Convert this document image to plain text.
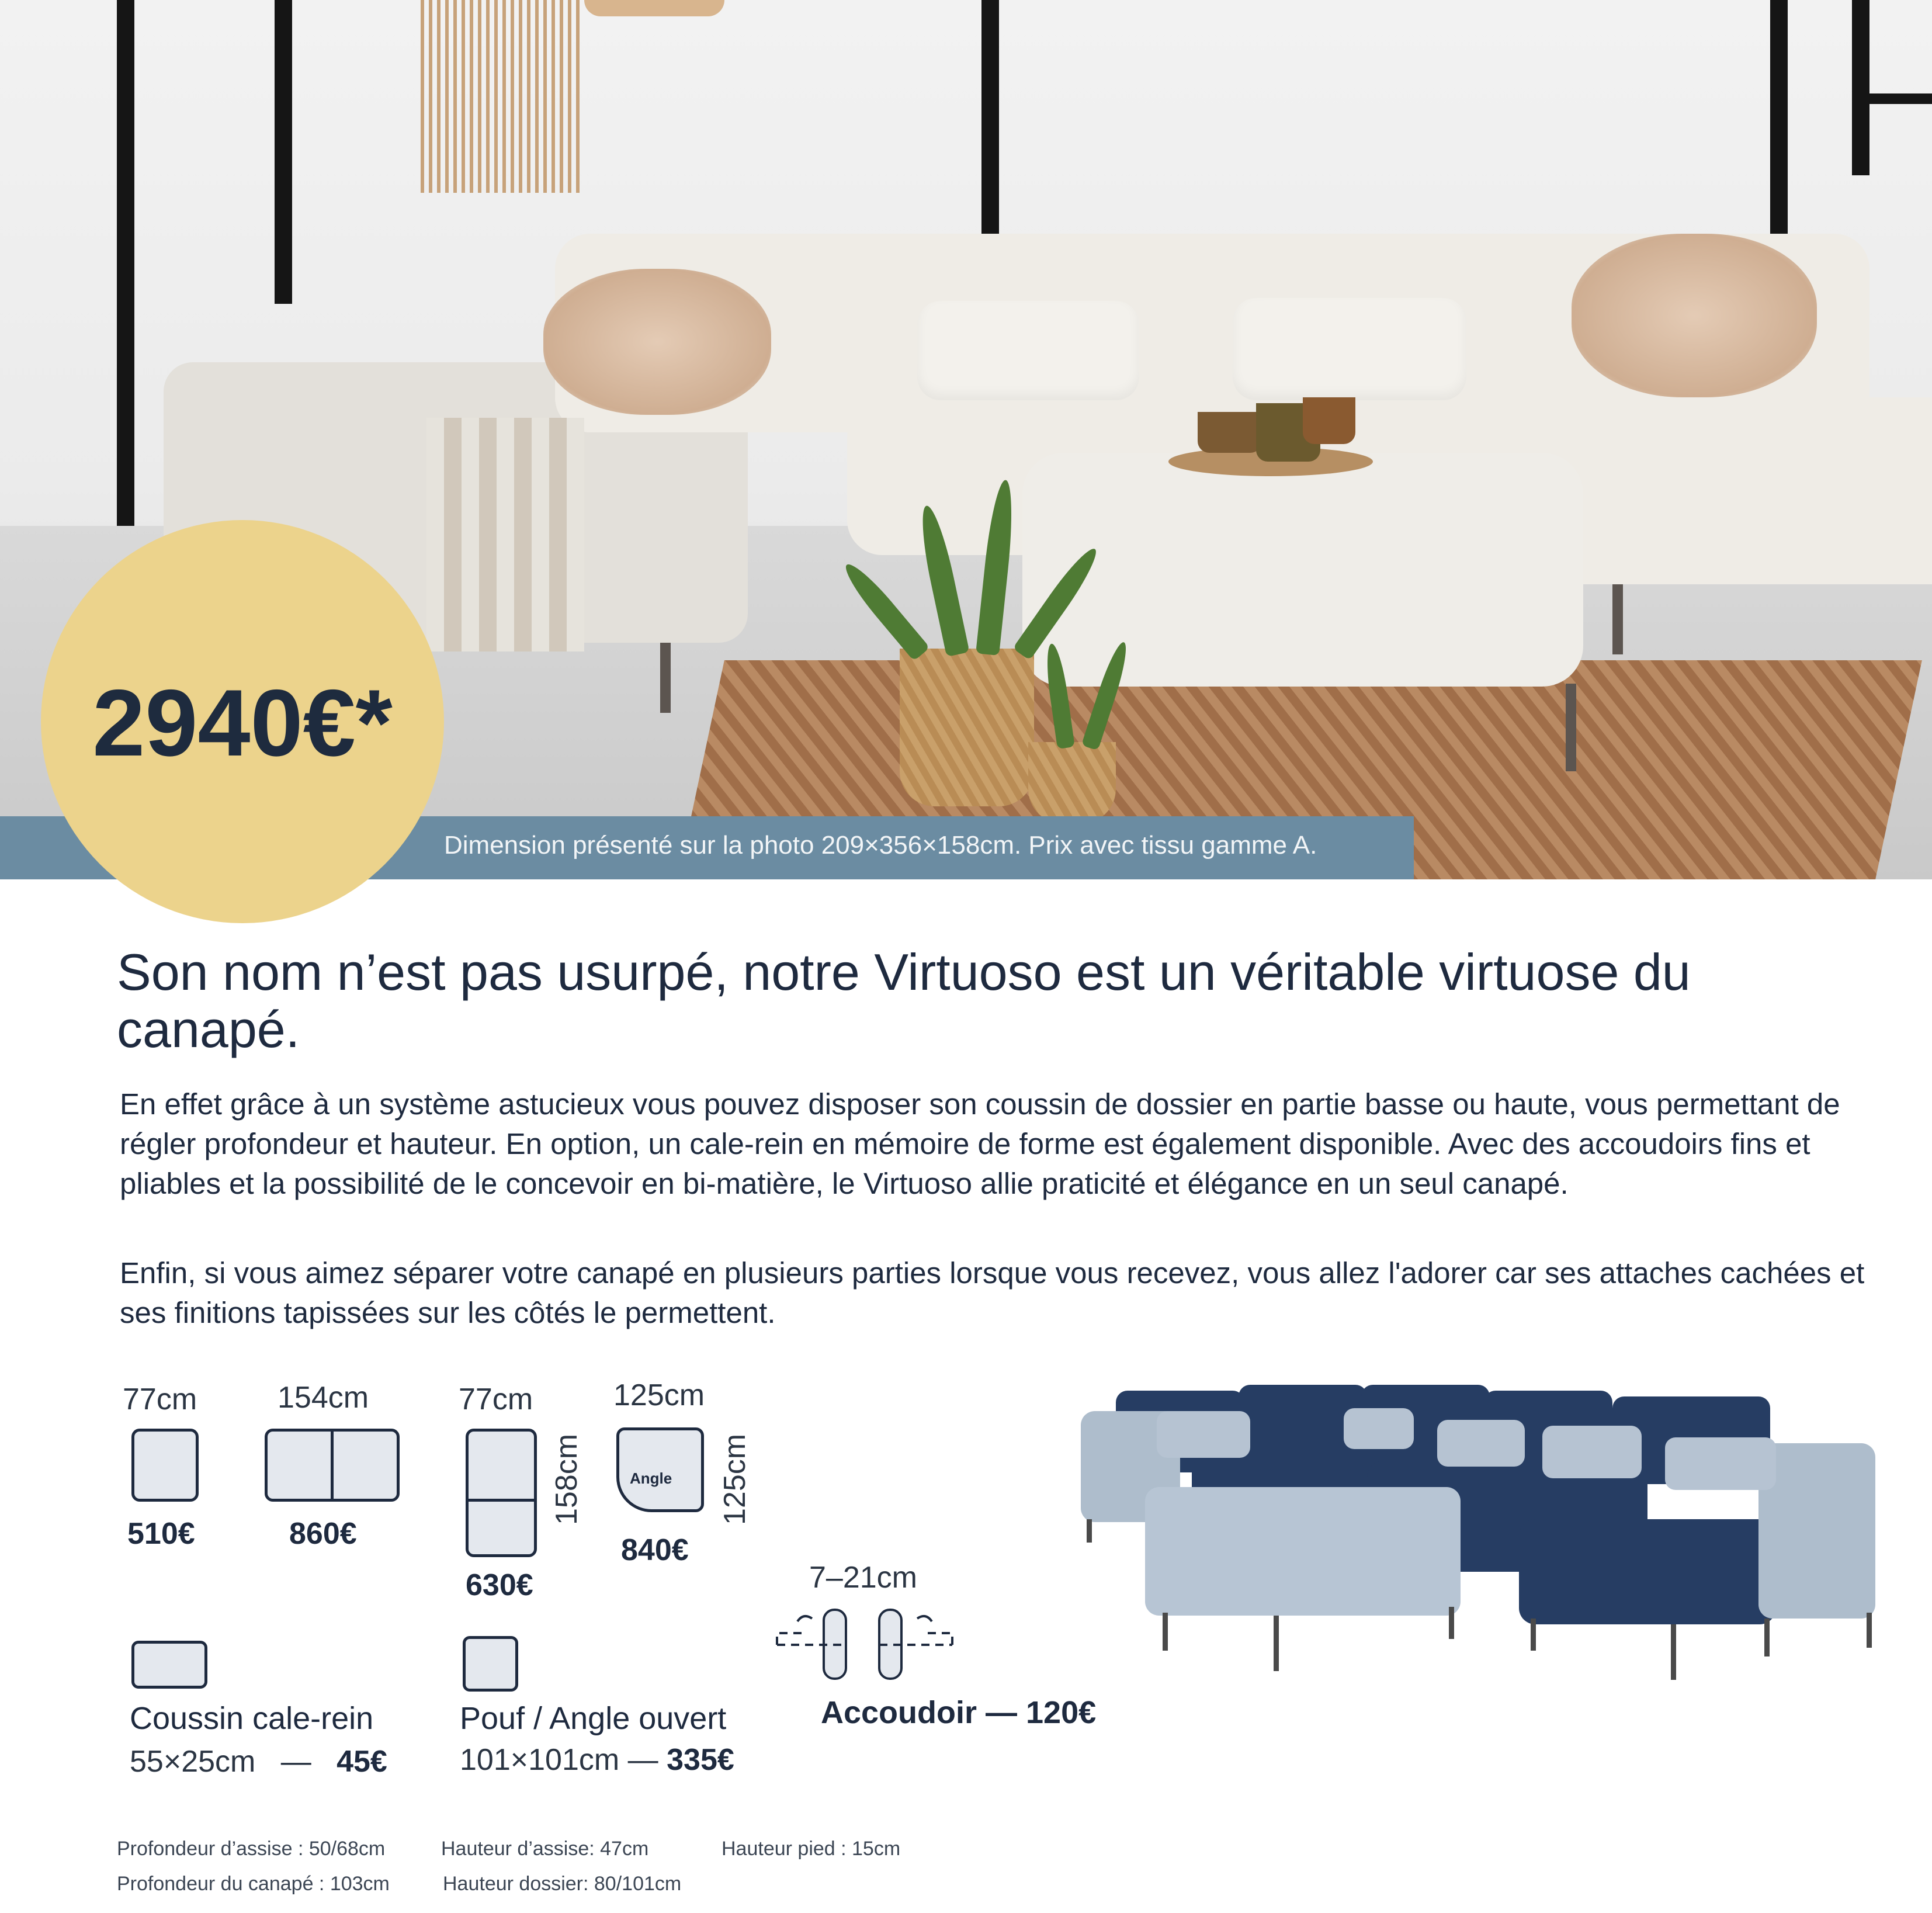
Dimension présenté sur la photo 209×356×158cm. Prix avec tissu gamme A.
2940€*
Son nom n’est pas usurpé, notre Virtuoso est un véritable virtuose du canapé.
En effet grâce à un système astucieux vous pouvez disposer son coussin de dossier en partie basse ou haute, vous permettant de régler profondeur et hauteur. En option, un cale-rein en mémoire de forme est également disponible. Avec des accoudoirs fins et pliables et la possibilité de le concevoir en bi-matière, le Virtuoso allie praticité et élégance en un seul canapé.
Enfin, si vous aimez séparer votre canapé en plusieurs parties lorsque vous recevez, vous allez l'adorer car ses attaches cachées et ses finitions tapissées sur les côtés le permettent.
77cm
510€
154cm
860€
77cm
158cm
630€
125cm
Angle 125cm
840€
Coussin cale-rein
55×25cm — 45€
Pouf / Angle ouvert
101×101cm — 335€
7–21cm
Accoudoir — 120€
Profondeur d’assise : 50/68cm	Hauteur d’assise: 47cm	Hauteur pied : 15cm
Profondeur du canapé : 103cm	Hauteur dossier: 80/101cm
